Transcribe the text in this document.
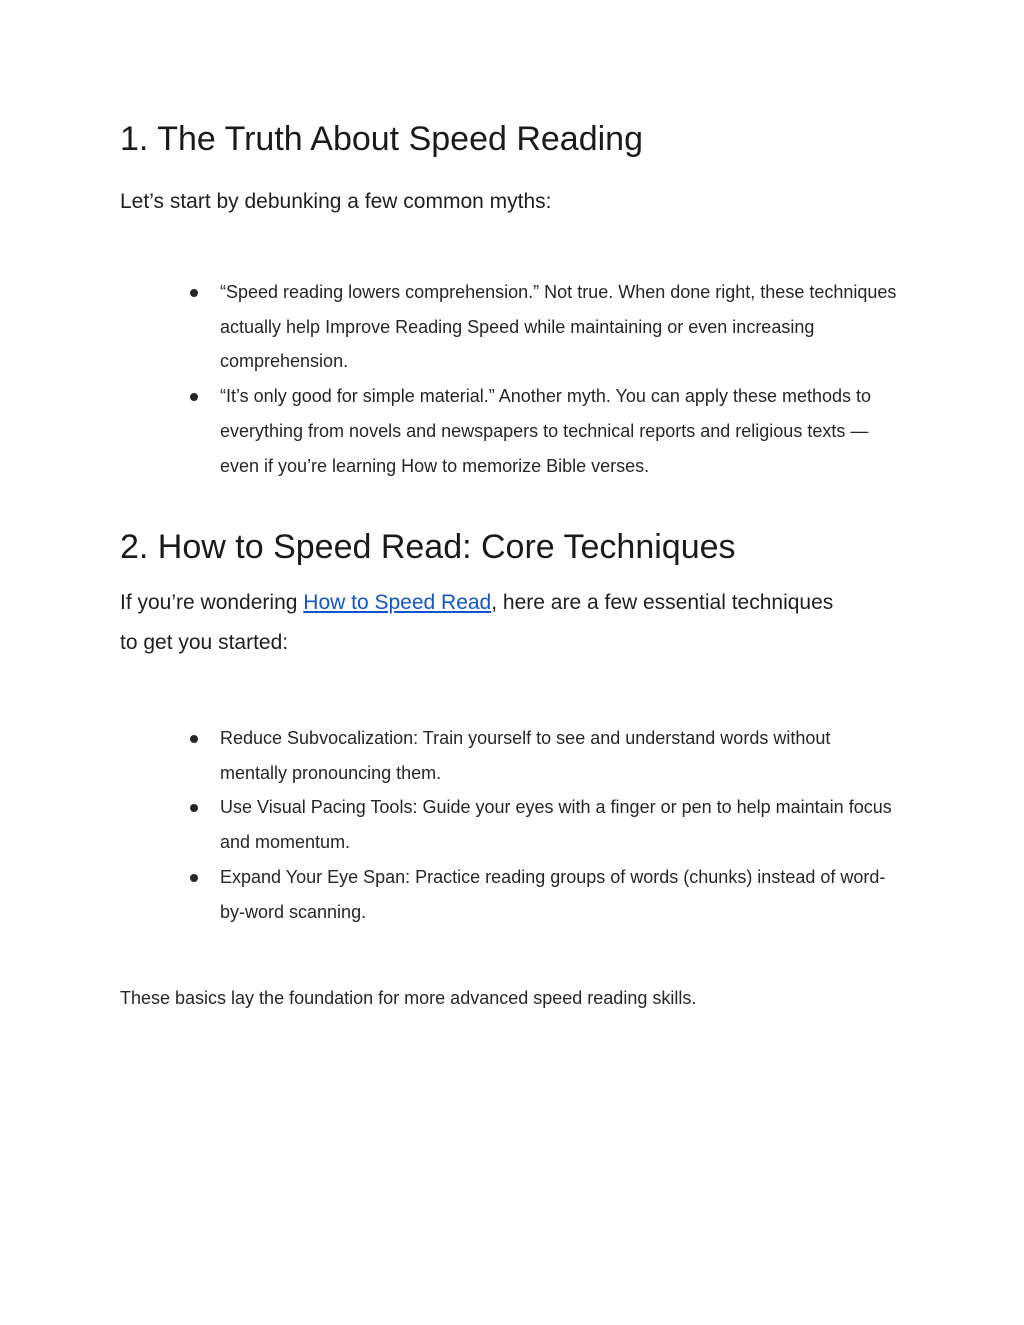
1. The Truth About Speed Reading

Let’s start by debunking a few common myths:

“Speed reading lowers comprehension.” Not true. When done right, these techniques actually help Improve Reading Speed while maintaining or even increasing comprehension.
“It’s only good for simple material.” Another myth. You can apply these methods to everything from novels and newspapers to technical reports and religious texts — even if you’re learning How to memorize Bible verses.
2. How to Speed Read: Core Techniques

If you’re wondering How to Speed Read, here are a few essential techniques to get you started:

Reduce Subvocalization: Train yourself to see and understand words without mentally pronouncing them.
Use Visual Pacing Tools: Guide your eyes with a finger or pen to help maintain focus and momentum.
Expand Your Eye Span: Practice reading groups of words (chunks) instead of word-by-word scanning.

These basics lay the foundation for more advanced speed reading skills.
